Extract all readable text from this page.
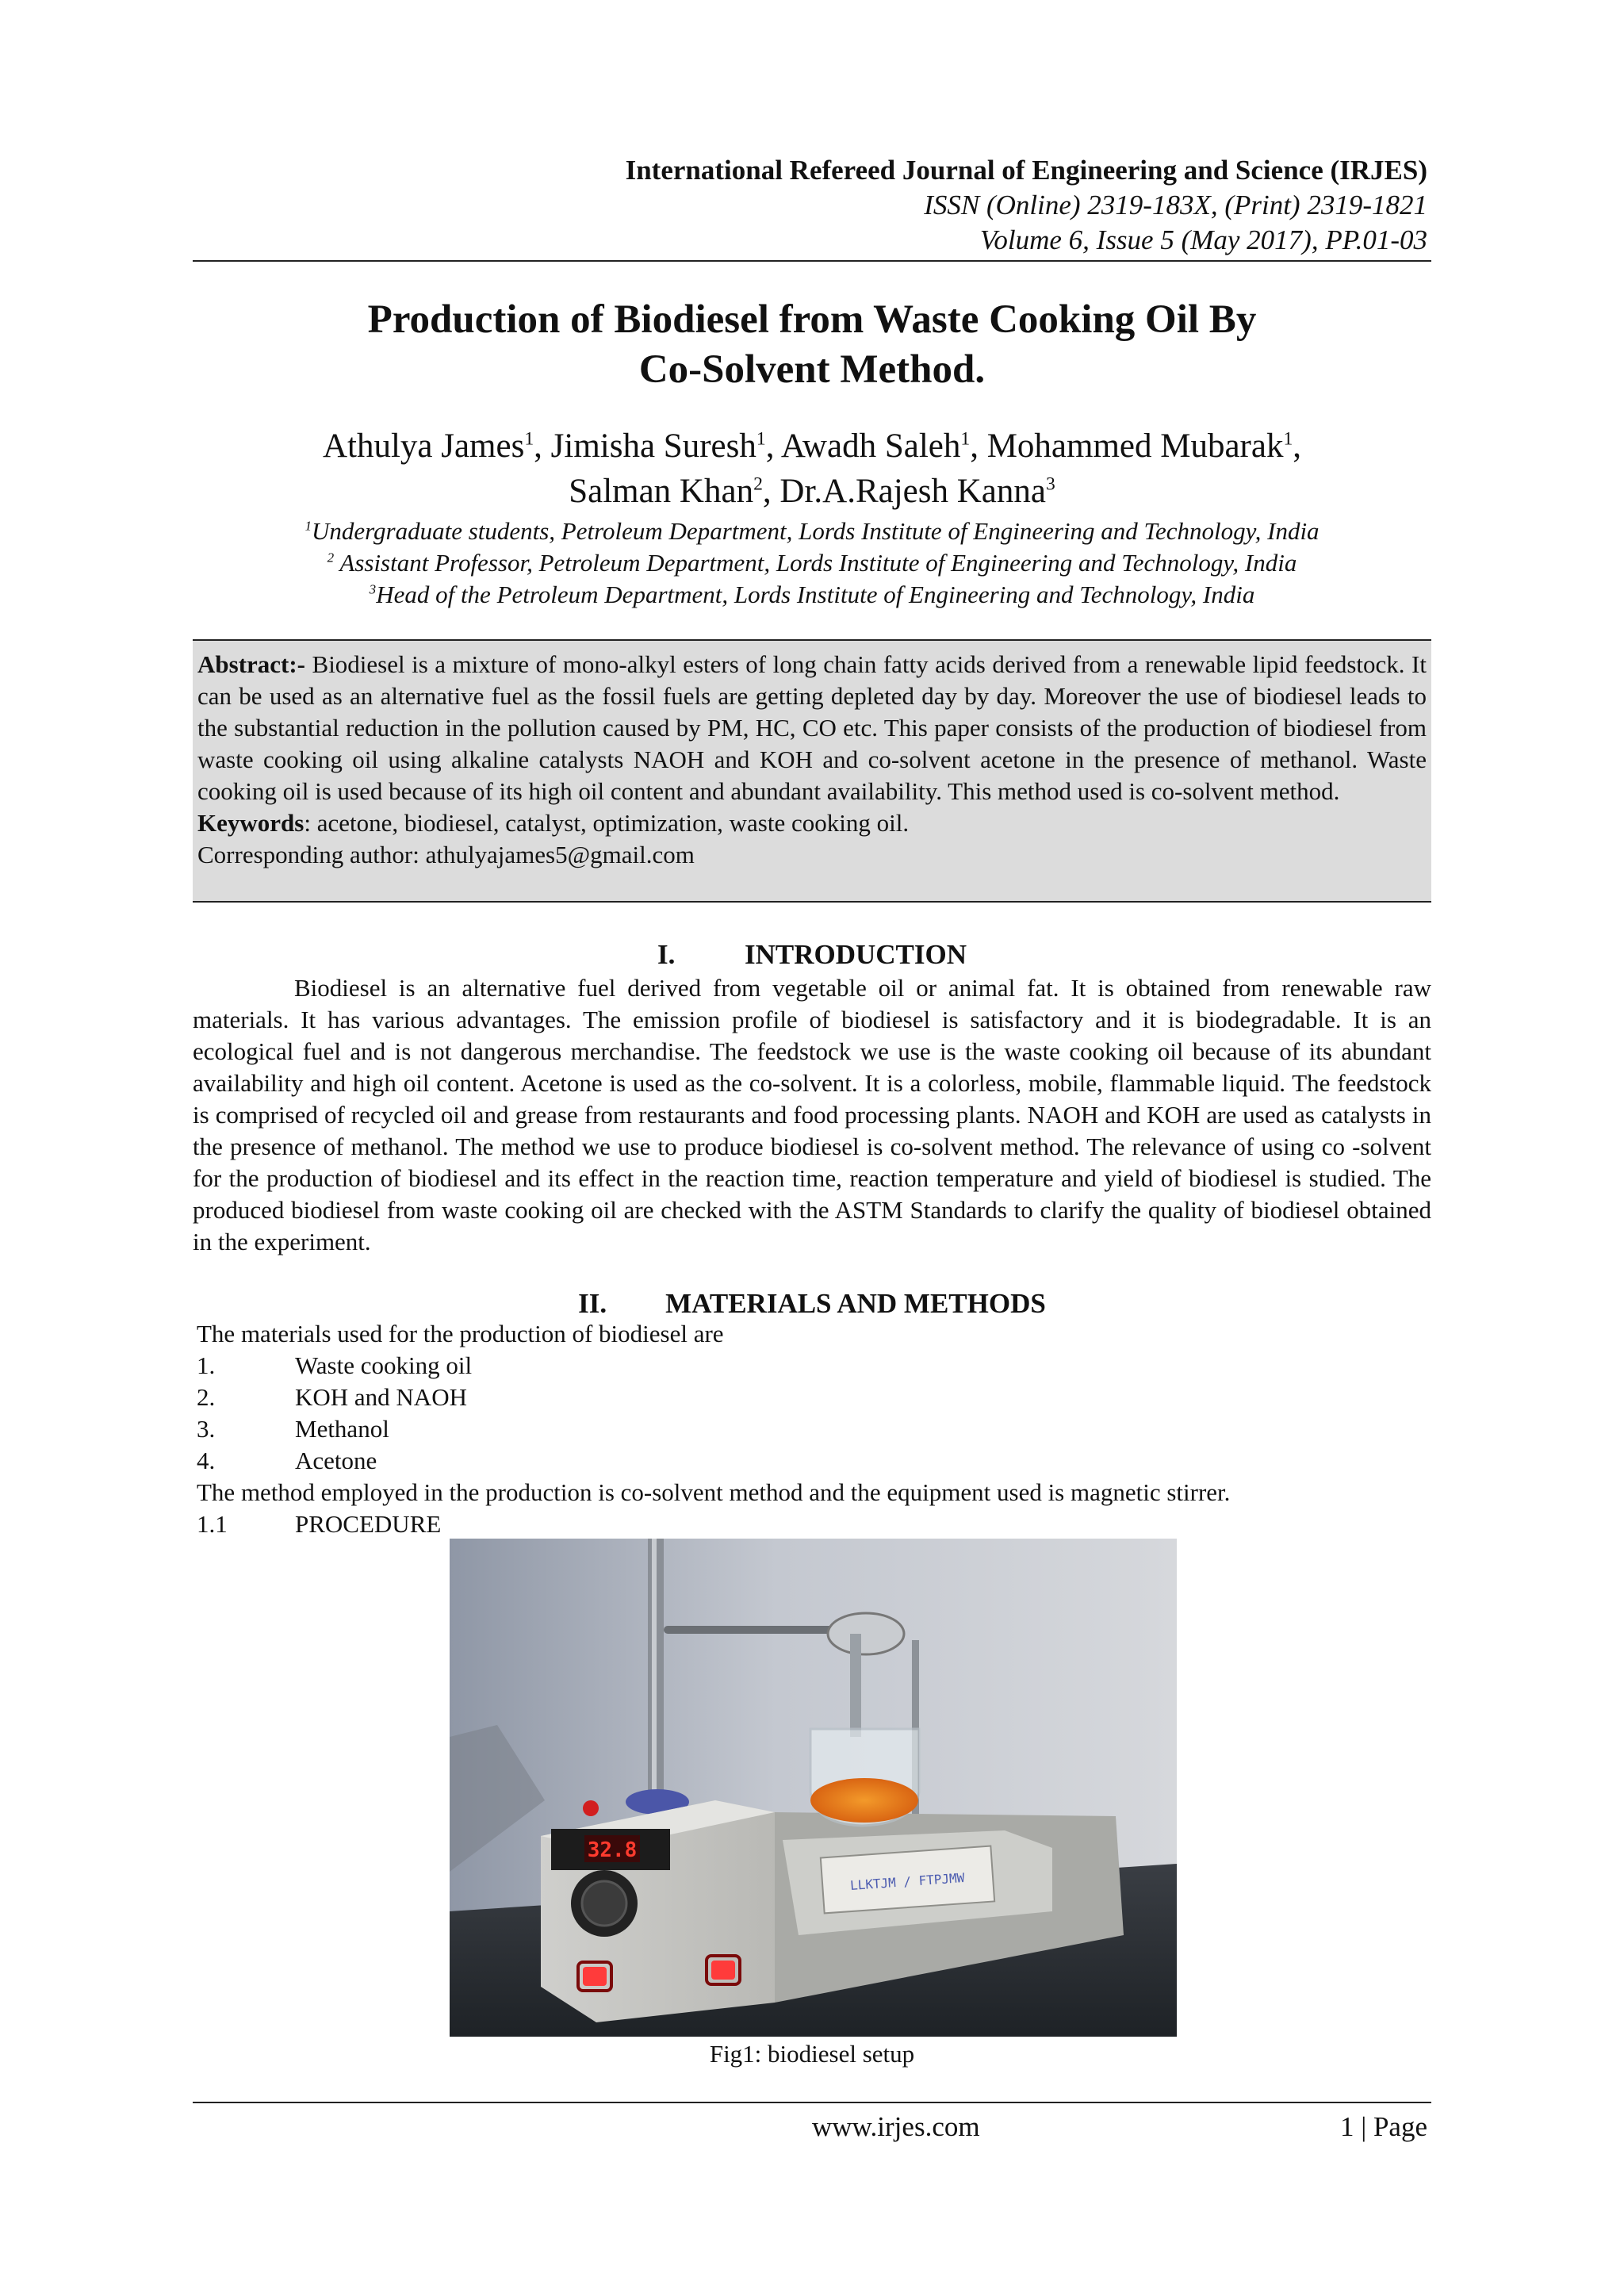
International Refereed Journal of Engineering and Science (IRJES)
ISSN (Online) 2319-183X, (Print) 2319-1821
Volume 6, Issue 5 (May 2017), PP.01-03
Production of Biodiesel from Waste Cooking Oil By
Co-Solvent Method.
Athulya James$^1$, Jimisha Suresh$^1$, Awadh Saleh$^1$, Mohammed Mubarak$^1$,
Salman Khan$^2$, Dr.A.Rajesh Kanna$^3$
$^1$Undergraduate students, Petroleum Department, Lords Institute of Engineering and Technology, India
$^2$ Assistant Professor, Petroleum Department, Lords Institute of Engineering and Technology, India
$^3$Head of the Petroleum Department, Lords Institute of Engineering and Technology, India

Abstract:- Biodiesel is a mixture of mono-alkyl esters of long chain fatty acids derived from a renewable lipid feedstock. It can be used as an alternative fuel as the fossil fuels are getting depleted day by day. Moreover the use of biodiesel leads to the substantial reduction in the pollution caused by PM, HC, CO etc. This paper consists of the production of biodiesel from waste cooking oil using alkaline catalysts NAOH and KOH and co-solvent acetone in the presence of methanol. Waste cooking oil is used because of its high oil content and abundant availability. This method used is co-solvent method.

Keywords: acetone, biodiesel, catalyst, optimization, waste cooking oil.

Corresponding author: athulyajames5@gmail.com

I.	INTRODUCTION

Biodiesel is an alternative fuel derived from vegetable oil or animal fat. It is obtained from renewable raw materials. It has various advantages. The emission profile of biodiesel is satisfactory and it is biodegradable. It is an ecological fuel and is not dangerous merchandise. The feedstock we use is the waste cooking oil because of its abundant availability and high oil content. Acetone is used as the co-solvent. It is a colorless, mobile, flammable liquid. The feedstock is comprised of recycled oil and grease from restaurants and food processing plants. NAOH and KOH are used as catalysts in the presence of methanol. The method we use to produce biodiesel is co-solvent method. The relevance of using co -solvent for the production of biodiesel and its effect in the reaction time, reaction temperature and yield of biodiesel is studied. The produced biodiesel from waste cooking oil are checked with the ASTM Standards to clarify the quality of biodiesel obtained in the experiment.

II. MATERIALS AND METHODS
The materials used for the production of biodiesel are
1.	Waste cooking oil
2.	KOH and NAOH
3.	Methanol
4.	Acetone
The method employed in the production is co-solvent method and the equipment used is magnetic stirrer.
1.1	PROCEDURE
LLKTJM / FTPJMW
32.8
Fig1: biodiesel setup
www.irjes.com	1 | Page
